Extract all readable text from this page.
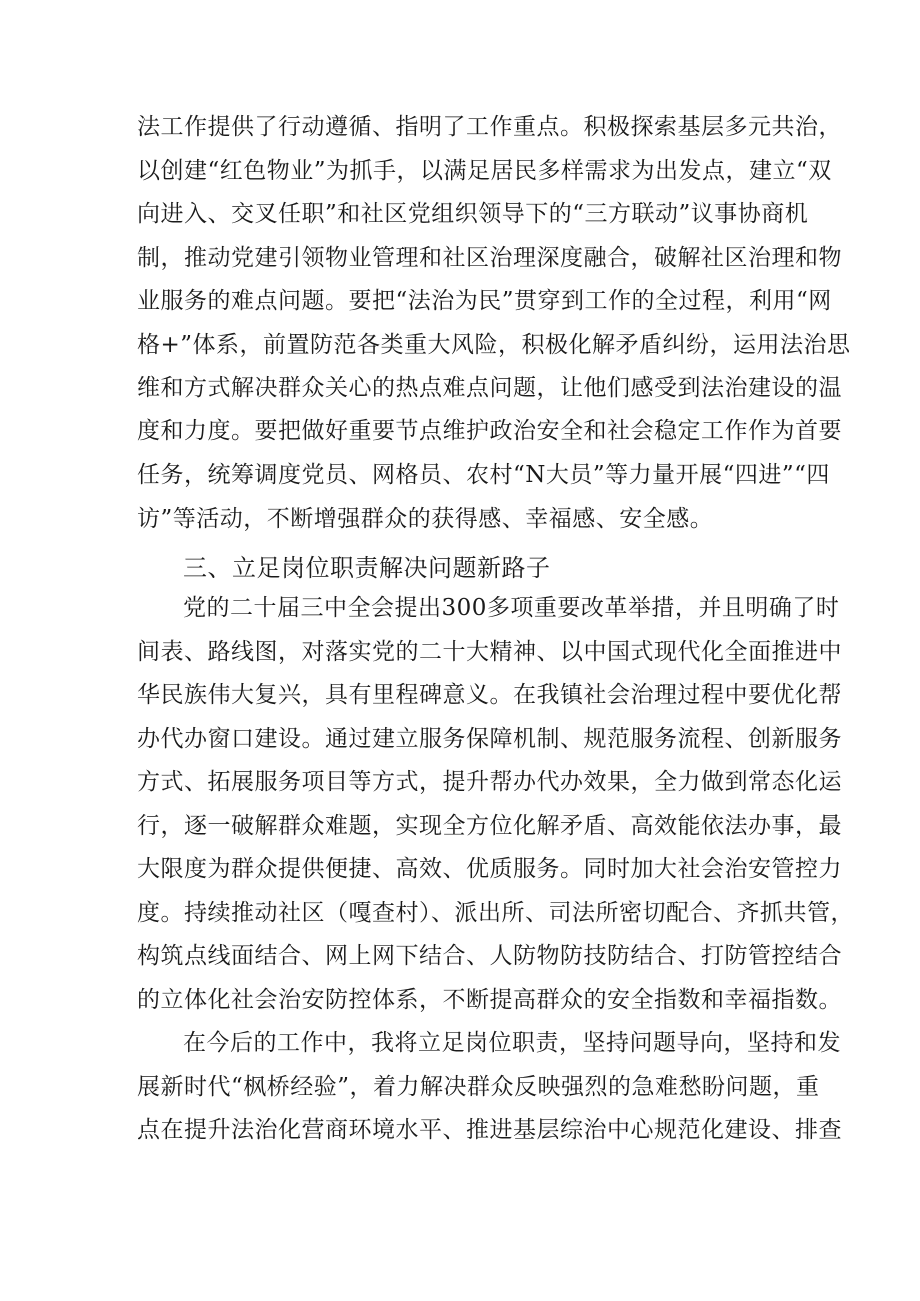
法工作提供了行动遵循、指明了工作重点。积极探索基层多元共治，
以创建“红色物业”为抓手，以满足居民多样需求为出发点，建立“双
向进入、交叉任职”和社区党组织领导下的“三方联动”议事协商机
制，推动党建引领物业管理和社区治理深度融合，破解社区治理和物
业服务的难点问题。要把“法治为民”贯穿到工作的全过程，利用“网
格+”体系，前置防范各类重大风险，积极化解矛盾纠纷，运用法治思
维和方式解决群众关心的热点难点问题，让他们感受到法治建设的温
度和力度。要把做好重要节点维护政治安全和社会稳定工作作为首要
任务，统筹调度党员、网格员、农村“N大员”等力量开展“四进”“四
访”等活动，不断增强群众的获得感、幸福感、安全感。
三、立足岗位职责解决问题新路子
党的二十届三中全会提出300多项重要改革举措，并且明确了时
间表、路线图，对落实党的二十大精神、以中国式现代化全面推进中
华民族伟大复兴，具有里程碑意义。在我镇社会治理过程中要优化帮
办代办窗口建设。通过建立服务保障机制、规范服务流程、创新服务
方式、拓展服务项目等方式，提升帮办代办效果，全力做到常态化运
行，逐一破解群众难题，实现全方位化解矛盾、高效能依法办事，最
大限度为群众提供便捷、高效、优质服务。同时加大社会治安管控力
度。持续推动社区（嘎查村）、派出所、司法所密切配合、齐抓共管，
构筑点线面结合、网上网下结合、人防物防技防结合、打防管控结合
的立体化社会治安防控体系，不断提高群众的安全指数和幸福指数。
在今后的工作中，我将立足岗位职责，坚持问题导向，坚持和发
展新时代“枫桥经验”，着力解决群众反映强烈的急难愁盼问题，重
点在提升法治化营商环境水平、推进基层综治中心规范化建设、排查
